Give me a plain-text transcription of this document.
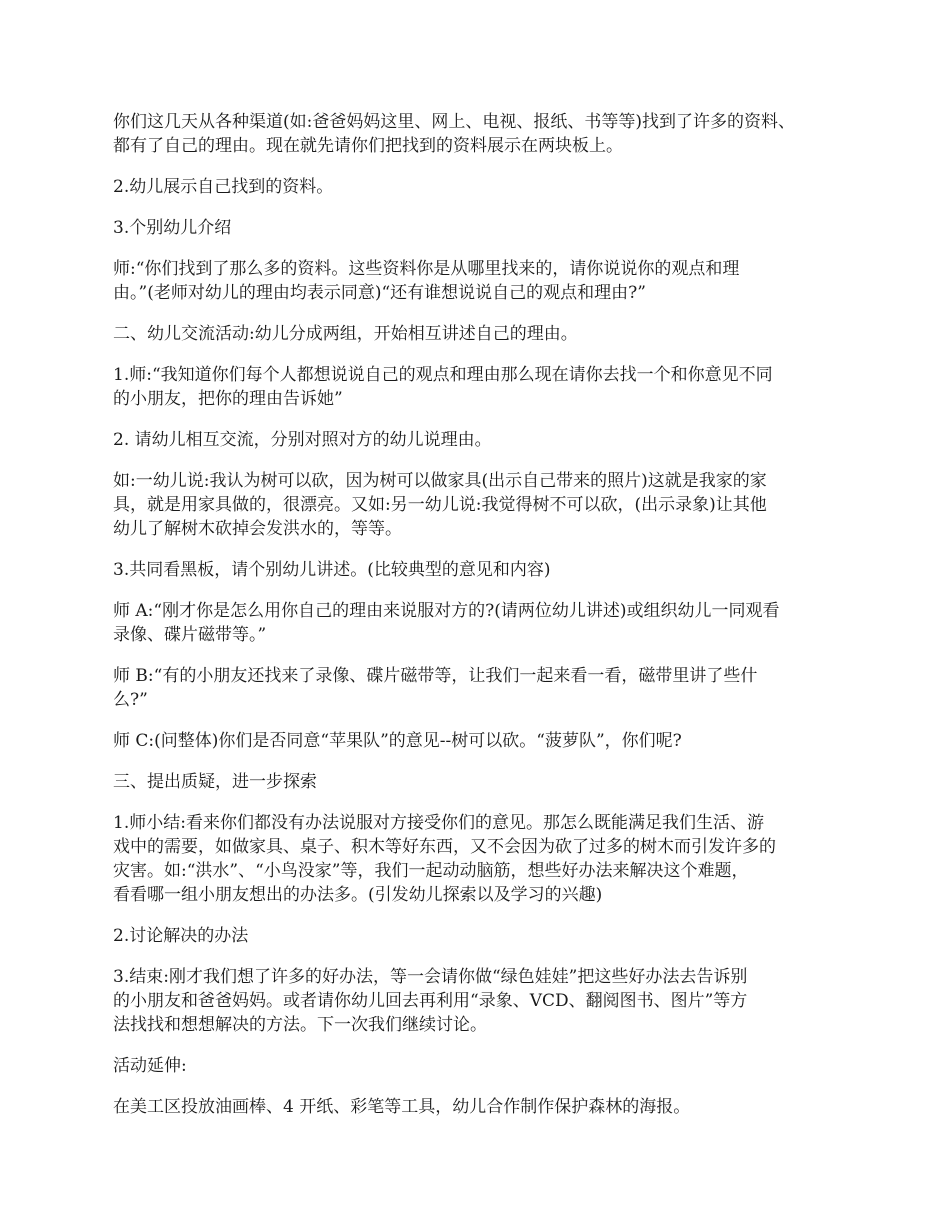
你们这几天从各种渠道(如:爸爸妈妈这里、网上、电视、报纸、书等等)找到了许多的资料、
都有了自己的理由。现在就先请你们把找到的资料展示在两块板上。

2.幼儿展示自己找到的资料。

3.个别幼儿介绍

师:“你们找到了那么多的资料。这些资料你是从哪里找来的，请你说说你的观点和理
由。”(老师对幼儿的理由均表示同意)“还有谁想说说自己的观点和理由?”

二、幼儿交流活动:幼儿分成两组，开始相互讲述自己的理由。

1.师:“我知道你们每个人都想说说自己的观点和理由那么现在请你去找一个和你意见不同
的小朋友，把你的理由告诉她”

2. 请幼儿相互交流，分别对照对方的幼儿说理由。

如:一幼儿说:我认为树可以砍，因为树可以做家具(出示自己带来的照片)这就是我家的家
具，就是用家具做的，很漂亮。又如:另一幼儿说:我觉得树不可以砍，(出示录象)让其他
幼儿了解树木砍掉会发洪水的，等等。

3.共同看黑板，请个别幼儿讲述。(比较典型的意见和内容)

师 A:“刚才你是怎么用你自己的理由来说服对方的?(请两位幼儿讲述)或组织幼儿一同观看
录像、碟片磁带等。”

师 B:“有的小朋友还找来了录像、碟片磁带等，让我们一起来看一看，磁带里讲了些什
么?”

师 C:(问整体)你们是否同意“苹果队”的意见--树可以砍。“菠萝队”，你们呢?

三、提出质疑，进一步探索

1.师小结:看来你们都没有办法说服对方接受你们的意见。那怎么既能满足我们生活、游
戏中的需要，如做家具、桌子、积木等好东西，又不会因为砍了过多的树木而引发许多的
灾害。如:“洪水”、“小鸟没家”等，我们一起动动脑筋，想些好办法来解决这个难题，
看看哪一组小朋友想出的办法多。(引发幼儿探索以及学习的兴趣)

2.讨论解决的办法

3.结束:刚才我们想了许多的好办法，等一会请你做“绿色娃娃”把这些好办法去告诉别
的小朋友和爸爸妈妈。或者请你幼儿回去再利用“录象、VCD、翻阅图书、图片”等方
法找找和想想解决的方法。下一次我们继续讨论。

活动延伸:

在美工区投放油画棒、4 开纸、彩笔等工具，幼儿合作制作保护森林的海报。
